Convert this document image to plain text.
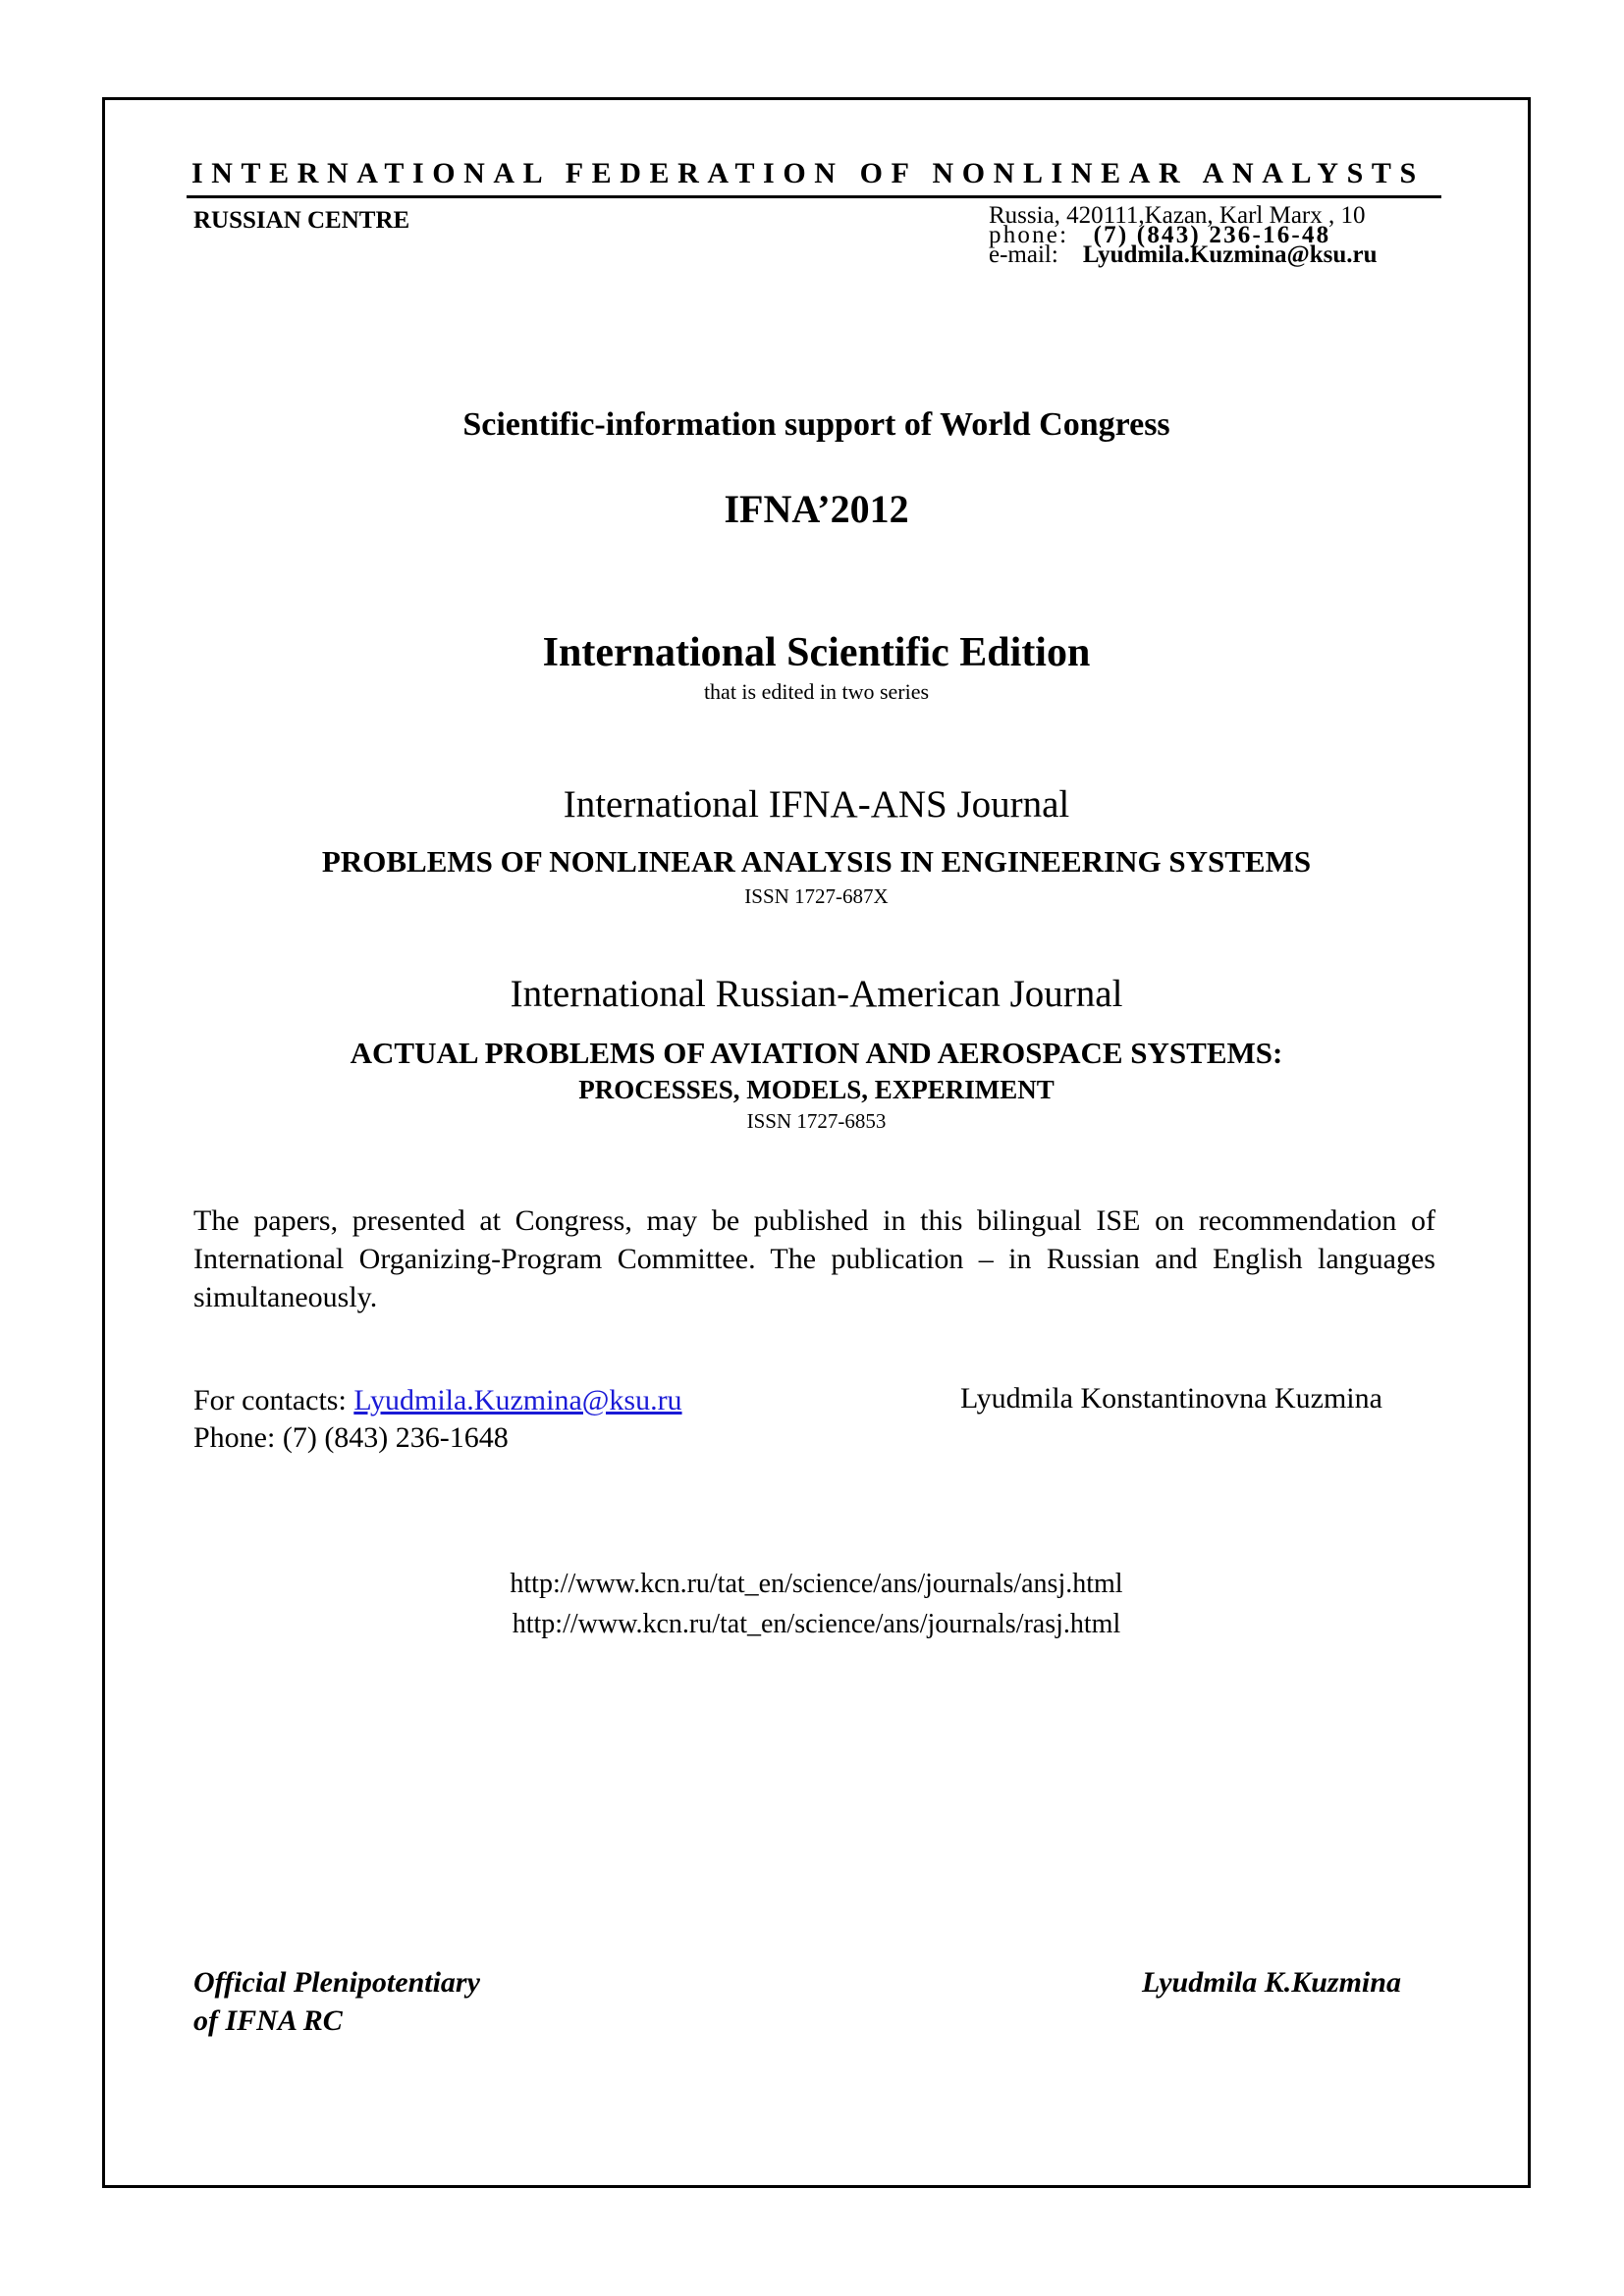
INTERNATIONAL FEDERATION OF NONLINEAR ANALYSTS
RUSSIAN CENTRE	Russia, 420111,Kazan, Karl Marx , 10
phone: (7) (843) 236-16-48
e-mail: Lyudmila.Kuzmina@ksu.ru
Scientific-information support of World Congress
IFNA’2012
International Scientific Edition
that is edited in two series
International IFNA-ANS Journal
PROBLEMS OF NONLINEAR ANALYSIS IN ENGINEERING SYSTEMS
ISSN 1727-687X
International Russian-American Journal
ACTUAL PROBLEMS OF AVIATION AND AEROSPACE SYSTEMS:
PROCESSES, MODELS, EXPERIMENT
ISSN 1727-6853
The papers, presented at Congress, may be published in this bilingual ISE on recommendation of International Organizing-Program Committee. The publication – in Russian and English languages simultaneously.
For contacts: Lyudmila.Kuzmina@ksu.ru
Phone: (7) (843) 236-1648
Lyudmila Konstantinovna Kuzmina
http://www.kcn.ru/tat_en/science/ans/journals/ansj.html
http://www.kcn.ru/tat_en/science/ans/journals/rasj.html
Official Plenipotentiary
of IFNA RC
Lyudmila K.Kuzmina
